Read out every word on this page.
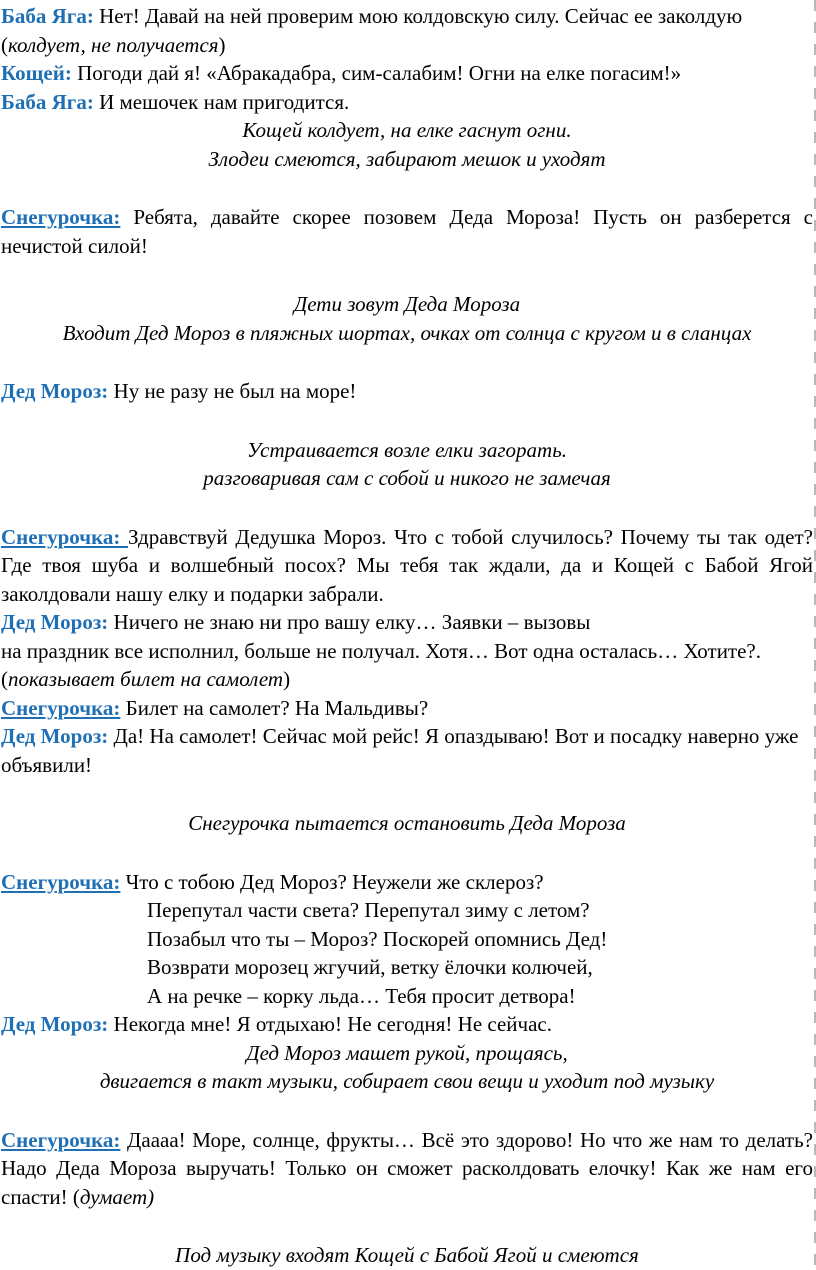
Баба Яга: Нет! Давай на ней проверим мою колдовскую силу. Сейчас ее заколдую (колдует, не получается)

Кощей: Погоди дай я! «Абракадабра, сим-салабим! Огни на елке погасим!»

Баба Яга: И мешочек нам пригодится.

Кощей колдует, на елке гаснут огни.

Злодеи смеются, забирают мешок и уходят

Снегурочка: Ребята, давайте скорее позовем Деда Мороза! Пусть он разберется с нечистой силой!

Дети зовут Деда Мороза

Входит Дед Мороз в пляжных шортах, очках от солнца с кругом и в сланцах

Дед Мороз: Ну не разу не был на море!

Устраивается возле елки загорать.

разговаривая сам с собой и никого не замечая

Снегурочка: Здравствуй Дедушка Мороз. Что с тобой случилось? Почему ты так одет? Где твоя шуба и волшебный посох? Мы тебя так ждали, да и Кощей с Бабой Ягой заколдовали нашу елку и подарки забрали.

Дед Мороз: Ничего не знаю ни про вашу елку… Заявки – вызовы
на праздник все исполнил, больше не получал. Хотя… Вот одна осталась… Хотите?. (показывает билет на самолет)

Снегурочка: Билет на самолет? На Мальдивы?

Дед Мороз: Да! На самолет! Сейчас мой рейс! Я опаздываю! Вот и посадку наверно уже объявили!

Снегурочка пытается остановить Деда Мороза

Снегурочка: Что с тобою Дед Мороз? Неужели же склероз?

Перепутал части света? Перепутал зиму с летом?

Позабыл что ты – Мороз? Поскорей опомнись Дед!

Возврати морозец жгучий, ветку ёлочки колючей,

А на речке – корку льда… Тебя просит детвора!

Дед Мороз: Некогда мне! Я отдыхаю! Не сегодня! Не сейчас.

Дед Мороз машет рукой, прощаясь,

двигается в такт музыки, собирает свои вещи и уходит под музыку

Снегурочка: Даааа! Море, солнце, фрукты… Всё это здорово! Но что же нам то делать? Надо Деда Мороза выручать! Только он сможет расколдовать елочку! Как же нам его спасти! (думает)

Под музыку входят Кощей с Бабой Ягой и смеются
